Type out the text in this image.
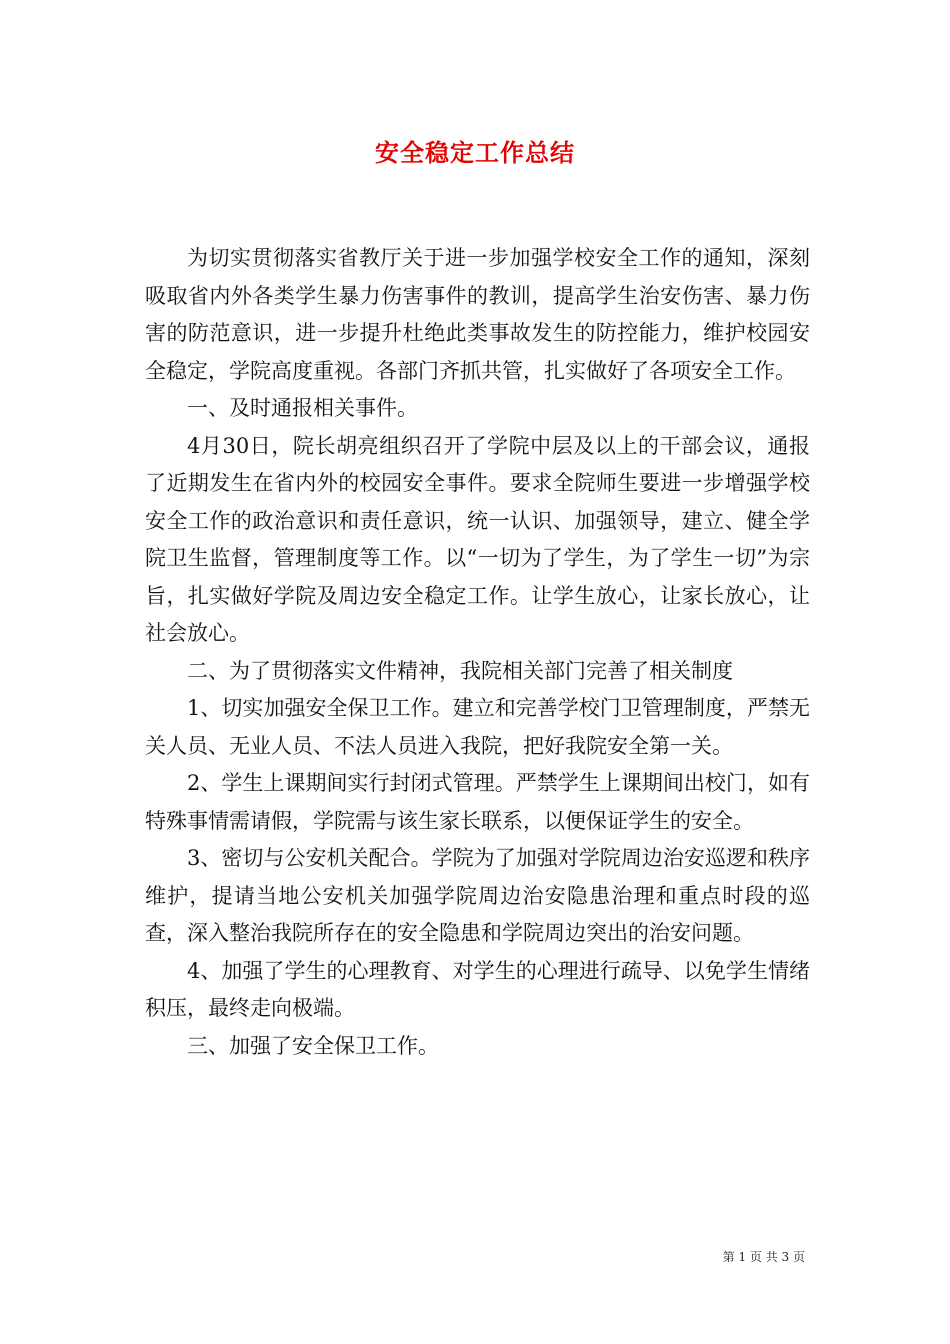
安全稳定工作总结

为切实贯彻落实省教厅关于进一步加强学校安全工作的通知，深刻吸取省内外各类学生暴力伤害事件的教训，提高学生治安伤害、暴力伤害的防范意识，进一步提升杜绝此类事故发生的防控能力，维护校园安全稳定，学院高度重视。各部门齐抓共管，扎实做好了各项安全工作。

一、及时通报相关事件。

4月30日，院长胡亮组织召开了学院中层及以上的干部会议，通报了近期发生在省内外的校园安全事件。要求全院师生要进一步增强学校安全工作的政治意识和责任意识，统一认识、加强领导，建立、健全学院卫生监督，管理制度等工作。以“一切为了学生，为了学生一切”为宗旨，扎实做好学院及周边安全稳定工作。让学生放心，让家长放心，让社会放心。

二、为了贯彻落实文件精神，我院相关部门完善了相关制度

1、切实加强安全保卫工作。建立和完善学校门卫管理制度，严禁无关人员、无业人员、不法人员进入我院，把好我院安全第一关。

2、学生上课期间实行封闭式管理。严禁学生上课期间出校门，如有特殊事情需请假，学院需与该生家长联系，以便保证学生的安全。

3、密切与公安机关配合。学院为了加强对学院周边治安巡逻和秩序维护，提请当地公安机关加强学院周边治安隐患治理和重点时段的巡查，深入整治我院所存在的安全隐患和学院周边突出的治安问题。

4、加强了学生的心理教育、对学生的心理进行疏导、以免学生情绪积压，最终走向极端。

三、加强了安全保卫工作。

第 1 页 共 3 页
